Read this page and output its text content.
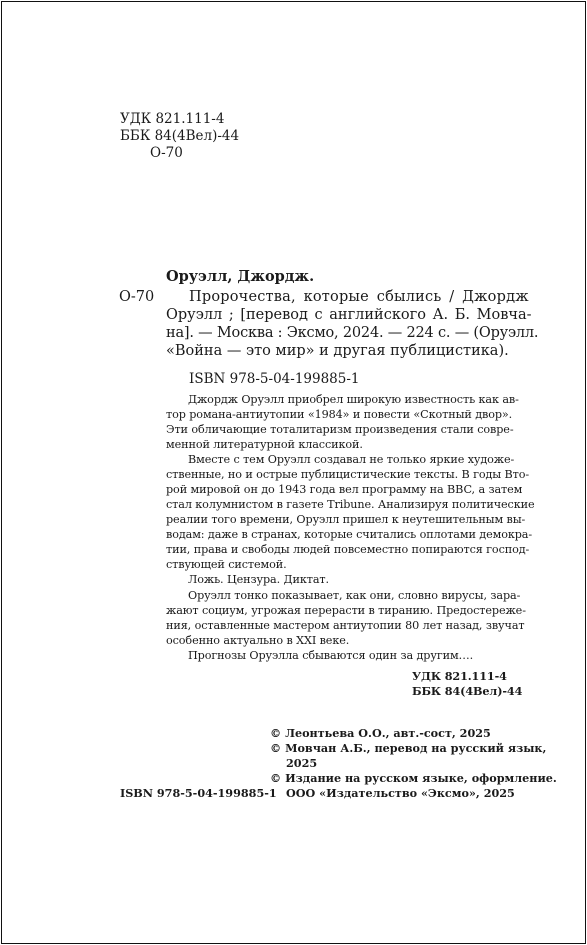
УДК 821.111-4
ББК 84(4Вел)-44
О-70
Оруэлл, Джордж.
О-70 Пророчества, которые сбылись / Джордж
Оруэлл ; [перевод с английского А. Б. Мовча-
на]. — Москва : Эксмо, 2024. — 224 с. — (Оруэлл.
«Война — это мир» и другая публицистика).
ISBN 978-5-04-199885-1
Джордж Оруэлл приобрел широкую известность как ав-
тор романа-антиутопии «1984» и повести «Скотный двор».
Эти обличающие тоталитаризм произведения стали совре-
менной литературной классикой.
Вместе с тем Оруэлл создавал не только яркие художе-
ственные, но и острые публицистические тексты. В годы Вто-
рой мировой он до 1943 года вел программу на BBC, а затем
стал колумнистом в газете Tribune. Анализируя политические
реалии того времени, Оруэлл пришел к неутешительным вы-
водам: даже в странах, которые считались оплотами демокра-
тии, права и свободы людей повсеместно попираются господ-
ствующей системой.
Ложь. Цензура. Диктат.
Оруэлл тонко показывает, как они, словно вирусы, зара-
жают социум, угрожая перерасти в тиранию. Предостереже-
ния, оставленные мастером антиутопии 80 лет назад, звучат
особенно актуально в XXI веке.
Прогнозы Оруэлла сбываются один за другим….
УДК 821.111-4
ББК 84(4Вел)-44
© Леонтьева О.О., авт.-сост, 2025
© Мовчан А.Б., перевод на русский язык,
2025
© Издание на русском языке, оформление.
ООО «Издательство «Эксмо», 2025
ISBN 978-5-04-199885-1
